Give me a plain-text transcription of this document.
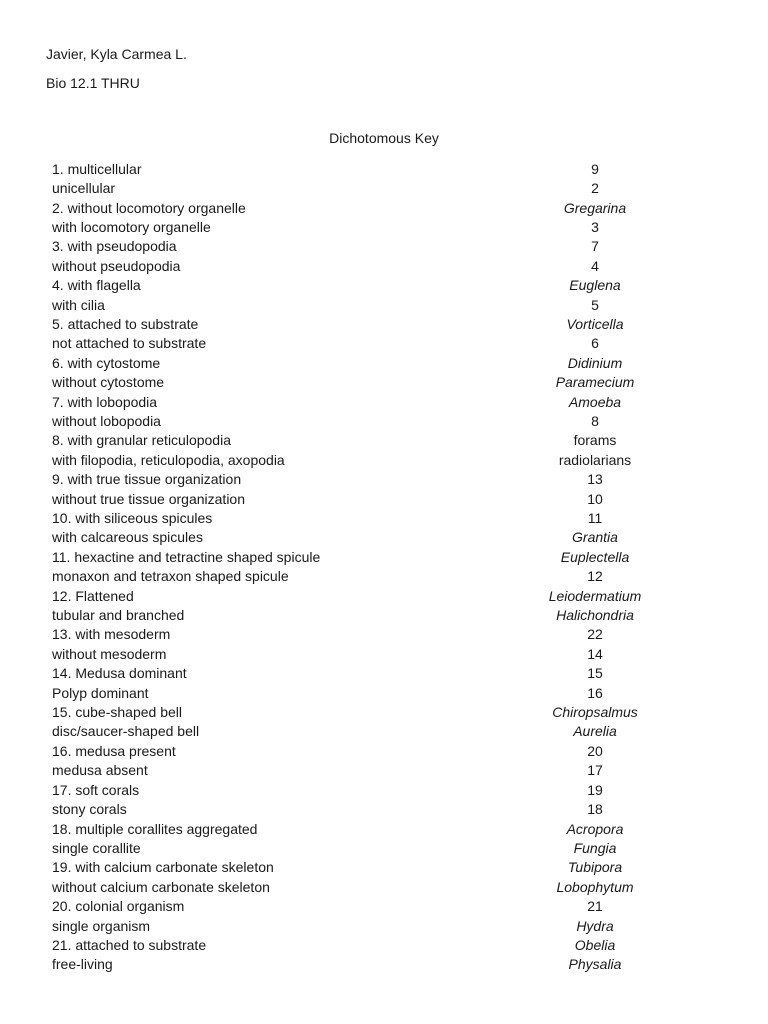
Javier, Kyla Carmea L.
Bio 12.1 THRU
Dichotomous Key
1. multicellular	9
unicellular	2
2. without locomotory organelle	Gregarina
with locomotory organelle	3
3. with pseudopodia	7
without pseudopodia	4
4. with flagella	Euglena
with cilia	5
5. attached to substrate	Vorticella
not attached to substrate	6
6. with cytostome	Didinium
without cytostome	Paramecium
7. with lobopodia	Amoeba
without lobopodia	8
8. with granular reticulopodia	forams
with filopodia, reticulopodia, axopodia	radiolarians
9. with true tissue organization	13
without true tissue organization	10
10. with siliceous spicules	11
with calcareous spicules	Grantia
11. hexactine and tetractine shaped spicule	Euplectella
monaxon and tetraxon shaped spicule	12
12. Flattened	Leiodermatium
tubular and branched	Halichondria
13. with mesoderm	22
without mesoderm	14
14. Medusa dominant	15
Polyp dominant	16
15. cube-shaped bell	Chiropsalmus
disc/saucer-shaped bell	Aurelia
16. medusa present	20
medusa absent	17
17. soft corals	19
stony corals	18
18. multiple corallites aggregated	Acropora
single corallite	Fungia
19. with calcium carbonate skeleton	Tubipora
without calcium carbonate skeleton	Lobophytum
20. colonial organism	21
single organism	Hydra
21. attached to substrate	Obelia
free-living	Physalia
